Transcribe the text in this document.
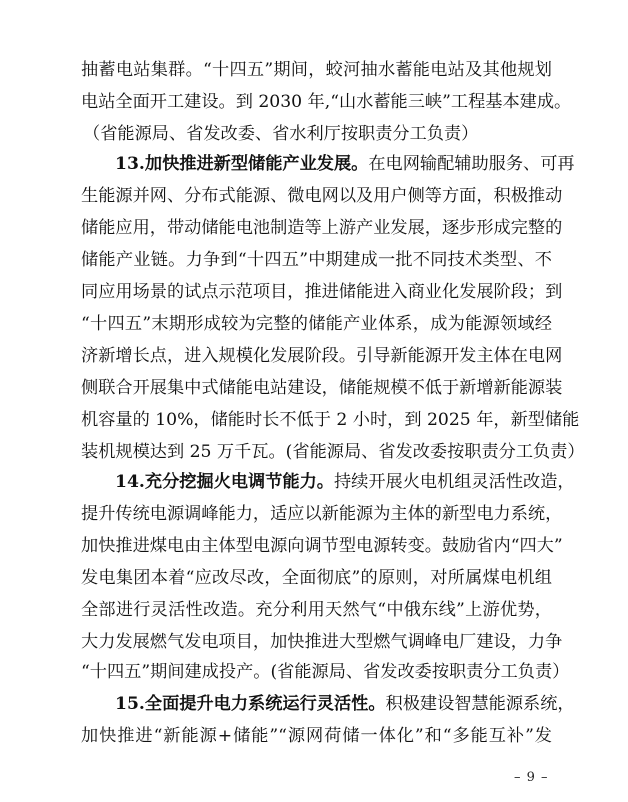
抽蓄电站集群。“十四五”期间，蛟河抽水蓄能电站及其他规划
电站全面开工建设。到 2030 年,“山水蓄能三峡”工程基本建成。
（省能源局、省发改委、省水利厅按职责分工负责）
13.加快推进新型储能产业发展。在电网输配辅助服务、可再
生能源并网、分布式能源、微电网以及用户侧等方面，积极推动
储能应用，带动储能电池制造等上游产业发展，逐步形成完整的
储能产业链。力争到“十四五”中期建成一批不同技术类型、不
同应用场景的试点示范项目，推进储能进入商业化发展阶段；到
“十四五”末期形成较为完整的储能产业体系，成为能源领域经
济新增长点，进入规模化发展阶段。引导新能源开发主体在电网
侧联合开展集中式储能电站建设，储能规模不低于新增新能源装
机容量的 10%，储能时长不低于 2 小时，到 2025 年，新型储能
装机规模达到 25 万千瓦。(省能源局、省发改委按职责分工负责）
14.充分挖掘火电调节能力。持续开展火电机组灵活性改造，
提升传统电源调峰能力，适应以新能源为主体的新型电力系统，
加快推进煤电由主体型电源向调节型电源转变。鼓励省内“四大”
发电集团本着“应改尽改，全面彻底”的原则，对所属煤电机组
全部进行灵活性改造。充分利用天然气“中俄东线”上游优势，
大力发展燃气发电项目，加快推进大型燃气调峰电厂建设，力争
“十四五”期间建成投产。(省能源局、省发改委按职责分工负责）
15.全面提升电力系统运行灵活性。积极建设智慧能源系统，
加快推进“新能源+储能”“源网荷储一体化”和“多能互补”发
– 9 –
